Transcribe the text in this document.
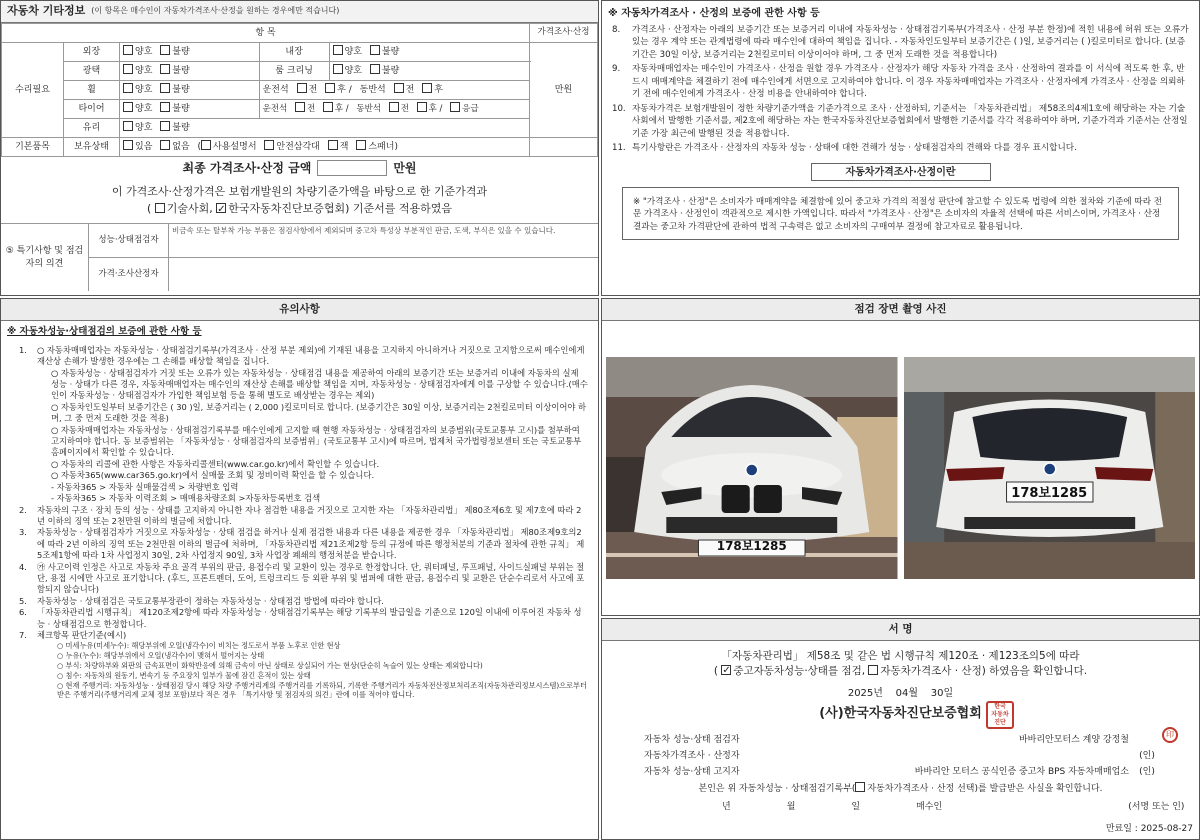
자동차 기타정보 (이 항목은 매수인이 자동차가격조사·산정을 원하는 경우에만 적습니다)
항 목					가격조사·산정
수리필요	외장	양호 불량	내장	양호 불량	만원
	광택	양호 불량	룸 크리닝	양호 불량	
	휠	양호 불량	운전석 전 후 / 동반석 전 후		
	타이어	양호 불량	운전석 전 후 / 동반석 전 후 / 응급		
	유리	양호 불량			
기본품목	보유상태	있음 없음 ( 사용설명서 안전삼각대 잭 스패너)			
최종 가격조사·산정 금액	만원
이 가격조사·산정가격은 보험개발원의 차량기준가액을 바탕으로 한 기준가격과
( 기술사회, ✓한국자동차진단보증협회) 기준서를 적용하였음
⑤ 특기사항 및 점검자의 의견
성능·상태점검자
비금속 또는 탈부착 가능 부품은 점검사항에서 제외되며 중고차 특성상 부분적인 판금, 도색, 부식은 있을 수 있습니다.
가격·조사산정자
※ 자동차가격조사 · 산정의 보증에 관한 사항 등
8.	가격조사 · 산정자는 아래의 보증기간 또는 보증거리 이내에 자동차성능 · 상태점검기록부(가격조사 · 산정 부분 한정)에 적힌 내용에 허위 또는 오류가 있는 경우 계약 또는 관계법령에 따라 매수인에 대하여 책임을 집니다. - 자동차인도일부터 보증기간은 ( )일, 보증거리는 ( )킬로미터로 합니다. (보증기간은 30일 이상, 보증거리는 2천킬로미터 이상이어야 하며, 그 중 먼저 도래한 것을 적용합니다)
9.	자동차매매업자는 매수인이 가격조사 · 산정을 원할 경우 가격조사 · 산정자가 해당 자동차 가격을 조사 · 산정하여 결과를 이 서식에 적도록 한 후, 반드시 매매계약을 체결하기 전에 매수인에게 서면으로 고지하여야 합니다. 이 경우 자동차매매업자는 가격조사 · 산정자에게 가격조사 · 산정을 의뢰하기 전에 매수인에게 가격조사 · 산정 비용을 안내하여야 합니다.
10. 자동차가격은 보험개발원이 정한 차량기준가액을 기준가격으로 조사 · 산정하되, 기준서는 「자동차관리법」 제58조의4제1호에 해당하는 자는 기술사회에서 발행한 기준서를, 제2호에 해당하는 자는 한국자동차진단보증협회에서 발행한 기준서를 각각 적용하여야 하며, 기준가격과 기준서는 산정일 기준 가장 최근에 발행된 것을 적용합니다.
11. 특기사항란은 가격조사 · 산정자의 자동차 성능 · 상태에 대한 견해가 성능 · 상태점검자의 견해와 다를 경우 표시합니다.
자동차가격조사·산정이란
※ "가격조사 · 산정"은 소비자가 매매계약을 체결함에 있어 중고차 가격의 적절성 판단에 참고할 수 있도록 법령에 의한 절차와 기준에 따라 전문 가격조사 · 산정인이 객관적으로 제시한 가액입니다. 따라서 "가격조사 · 산정"은 소비자의 자율적 선택에 따른 서비스이며, 가격조사 · 산정 결과는 중고차 가격판단에 관하여 법적 구속력은 없고 소비자의 구매여부 결정에 참고자료로 활용됩니다.
유의사항
※ 자동차성능·상태점검의 보증에 관한 사항 등
1.	○ 자동차매매업자는 자동차성능 · 상태점검기록부(가격조사 · 산정 부분 제외)에 기재된 내용을 고지하지 아니하거나 거짓으로 고지함으로써 매수인에게 재산상 손해가 발생한 경우에는 그 손해를 배상할 책임을 집니다.
○ 자동차성능 · 상태점검자가 거짓 또는 오류가 있는 자동차성능 · 상태점검 내용을 제공하여 아래의 보증기간 또는 보증거리 이내에 자동차의 실제 성능 · 상태가 다른 경우, 자동차매매업자는 매수인의 재산상 손해를 배상할 책임을 지며, 자동차성능 · 상태점검자에게 이를 구상할 수 있습니다.(매수인이 자동차성능 · 상태점검자가 가입한 책임보험 등을 통해 별도로 배상받는 경우는 제외)
○ 자동차인도일부터 보증기간은 ( 30 )일, 보증거리는 ( 2,000 )킬로미터로 합니다. (보증기간은 30일 이상, 보증거리는 2천킬로미터 이상이어야 하며, 그 중 먼저 도래한 것을 적용)
○ 자동차매매업자는 자동차성능 · 상태점검기록부를 매수인에게 고지할 때 현행 자동차성능 · 상태점검자의 보증범위(국토교통부 고시)를 첨부하여 고지하여야 합니다. 동 보증범위는 「자동차성능 · 상태점검자의 보증범위」(국토교통부 고시)에 따르며, 법제처 국가법령정보센터 또는 국토교통부 홈페이지에서 확인할 수 있습니다.
○ 자동차의 리콜에 관한 사항은 자동차리콜센터(www.car.go.kr)에서 확인할 수 있습니다.
○ 자동차365(www.car365.go.kr)에서 실매물 조회 및 정비이력 확인을 할 수 있습니다.
- 자동차365 > 자동차 실매물검색 > 차량번호 입력
- 자동차365 > 자동차 이력조회 > 매매용차량조회 >자동차등록번호 검색
2.	자동차의 구조 · 장치 등의 성능 · 상태를 고지하지 아니한 자나 점검한 내용을 거짓으로 고지한 자는 「자동차관리법」 제80조제6호 및 제7호에 따라 2년 이하의 징역 또는 2천만원 이하의 벌금에 처합니다.
3.	자동차성능 · 상태점검자가 거짓으로 자동차성능 · 상태 점검을 하거나 실제 점검한 내용과 다른 내용을 제공한 경우 「자동차관리법」 제80조제9호의2에 따라 2년 이하의 징역 또는 2천만원 이하의 벌금에 처하며, 「자동차관리법 제21조제2항 등의 규정에 따른 행정처분의 기준과 절차에 관한 규칙」 제5조제1항에 따라 1차 사업정지 30일, 2차 사업정지 90일, 3차 사업장 폐쇄의 행정처분을 받습니다.
4.	㉮ 사고이력 인정은 사고로 자동차 주요 골격 부위의 판금, 용접수리 및 교환이 있는 경우로 한정합니다. 단, 쿼터패널, 루프패널, 사이드실패널 부위는 절단, 용접 시에만 사고로 표기합니다. (후드, 프론트펜더, 도어, 트렁크리드 등 외판 부위 및 범퍼에 대한 판금, 용접수리 및 교환은 단순수리로서 사고에 포함되지 않습니다)
5.	자동차성능 · 상태점검은 국토교통부장관이 정하는 자동차성능 · 상태점검 방법에 따라야 합니다.
6.	「자동차관리법 시행규칙」 제120조제2항에 따라 자동차성능 · 상태점검기록부는 해당 기록부의 발급일을 기준으로 120일 이내에 이루어진 자동차 성능 · 상태점검으로 한정합니다.
7.	체크항목 판단기준(예시)
○ 미세누유(미세누수): 해당부위에 오일(냉각수)이 비치는 정도로서 부품 노후로 인한 현상
○ 누유(누수): 해당부위에서 오일(냉각수)이 맺혀서 떨어지는 상태
○ 부식: 차량하부와 외판의 금속표면이 화학반응에 의해 금속이 아닌 상태로 상실되어 가는 현상(단순히 녹슬어 있는 상태는 제외합니다)
○ 침수: 자동차의 원동기, 변속기 등 주요장치 일부가 물에 잠긴 흔적이 있는 상태
○ 현재 주행거리: 자동차성능 · 상태점검 당시 해당 차량 주행거리계의 주행거리를 기록하되, 기록한 주행거리가 자동차전산정보처리조직(자동차관리정보시스템)으로부터 받은 주행거리(주행거리계 교체 정보 포함)보다 적은 경우 「특기사항 및 점검자의 의견」란에 이를 적어야 합니다.
점검 장면 촬영 사진
178보1285
178보1285
서 명
「자동차관리법」 제58조 및 같은 법 시행규칙 제120조 · 제123조의5에 따라
( ✓중고자동차성능·상태를 점검, 자동차가격조사 · 산정) 하였음을 확인합니다.
2025년 04월 30일
(사)한국자동차진단보증협회	한국
자동차
진단
印
자동차 성능·상태 점검자	바바리안모터스 계양 강정철
자동차가격조사 · 산정자	(인)
자동차 성능·상태 고지자	바바리안 모터스 공식인증 중고차 BPS 자동차매매업소	(인)
본인은 위 자동차성능 · 상태점검기록부( 자동차가격조사 · 산정 선택)를 발급받은 사실을 확인합니다.
년	월	일	매수인	(서명 또는 인)
만료일 : 2025-08-27
